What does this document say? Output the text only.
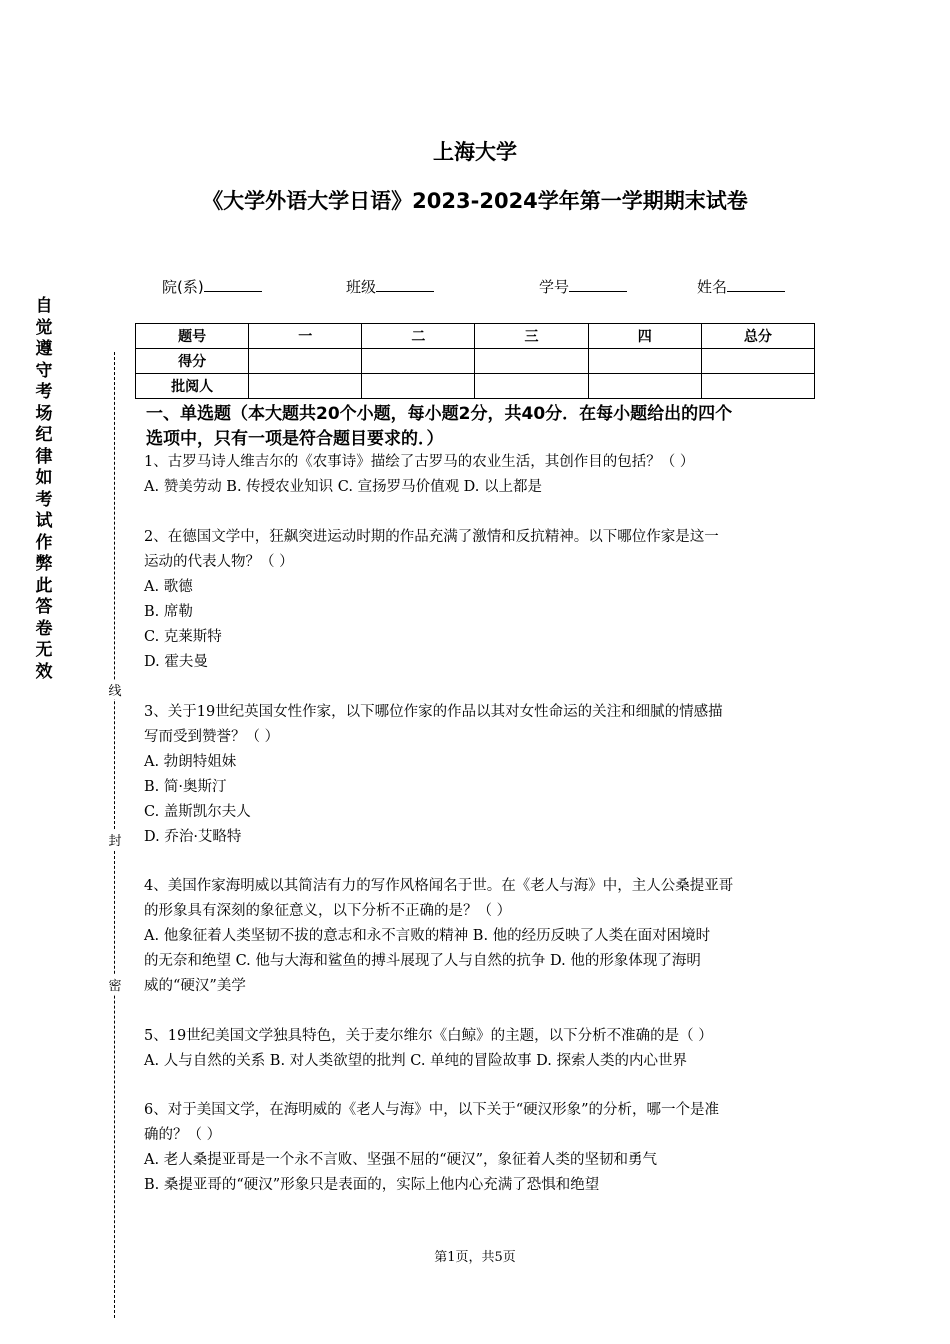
上海大学
《大学外语大学日语》2023-2024学年第一学期期末试卷
院(系)	班级	学号	姓名
题号	一	二	三	四	总分
得分					
批阅人					
自
觉
遵
守
考
场
纪
律
如
考
试
作
弊
此
答
卷
无
效
线
封
密
一、单选题（本大题共20个小题，每小题2分，共40分．在每小题给出的四个
选项中，只有一项是符合题目要求的．）

1、古罗马诗人维吉尔的《农事诗》描绘了古罗马的农业生活，其创作目的包括？（ ）

A. 赞美劳动 B. 传授农业知识 C. 宣扬罗马价值观 D. 以上都是

2、在德国文学中，狂飙突进运动时期的作品充满了激情和反抗精神。以下哪位作家是这一

运动的代表人物？（ ）

A. 歌德

B. 席勒

C. 克莱斯特

D. 霍夫曼

3、关于19世纪英国女性作家，以下哪位作家的作品以其对女性命运的关注和细腻的情感描

写而受到赞誉？（ ）

A. 勃朗特姐妹

B. 简·奥斯汀

C. 盖斯凯尔夫人

D. 乔治·艾略特

4、美国作家海明威以其简洁有力的写作风格闻名于世。在《老人与海》中，主人公桑提亚哥

的形象具有深刻的象征意义，以下分析不正确的是？（ ）

A. 他象征着人类坚韧不拔的意志和永不言败的精神 B. 他的经历反映了人类在面对困境时

的无奈和绝望 C. 他与大海和鲨鱼的搏斗展现了人与自然的抗争 D. 他的形象体现了海明

威的“硬汉”美学

5、19世纪美国文学独具特色，关于麦尔维尔《白鲸》的主题，以下分析不准确的是（ ）

A. 人与自然的关系 B. 对人类欲望的批判 C. 单纯的冒险故事 D. 探索人类的内心世界

6、对于美国文学，在海明威的《老人与海》中，以下关于“硬汉形象”的分析，哪一个是准

确的？（ ）

A. 老人桑提亚哥是一个永不言败、坚强不屈的“硬汉”，象征着人类的坚韧和勇气

B. 桑提亚哥的“硬汉”形象只是表面的，实际上他内心充满了恐惧和绝望

第1页，共5页
